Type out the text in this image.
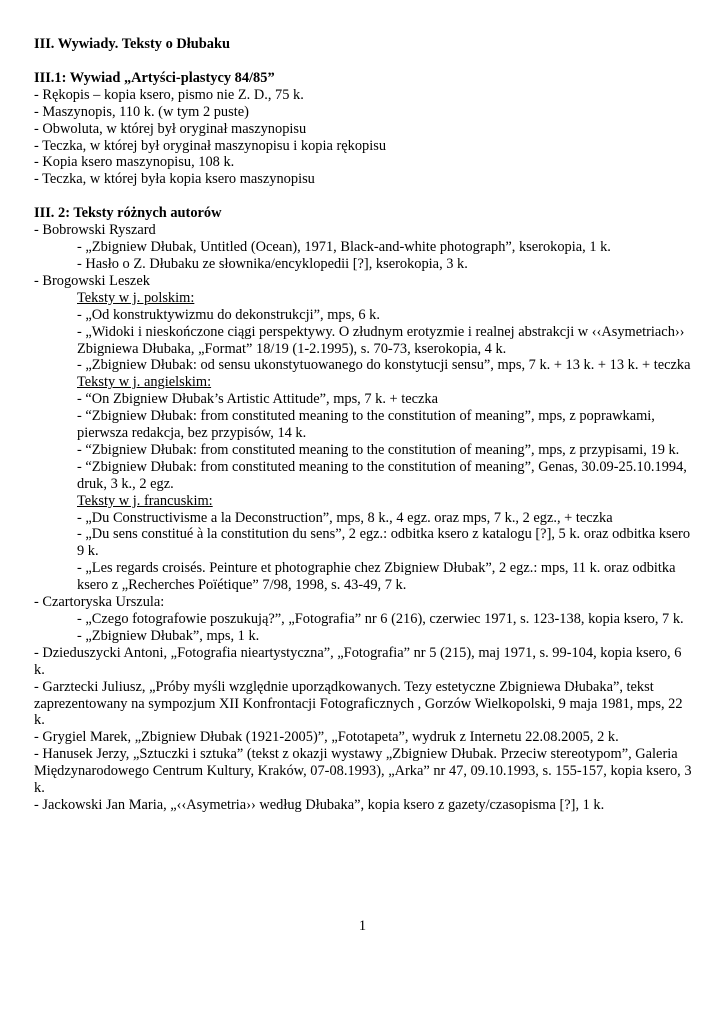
III. Wywiady. Teksty o Dłubaku
III.1: Wywiad „Artyści-plastycy 84/85”
- Rękopis – kopia ksero, pismo nie Z. D., 75 k.
- Maszynopis, 110 k. (w tym 2 puste)
- Obwoluta, w której był oryginał maszynopisu
- Teczka, w której był oryginał maszynopisu i kopia rękopisu
- Kopia ksero maszynopisu, 108 k.
- Teczka, w której była kopia ksero maszynopisu
III. 2: Teksty różnych autorów
- Bobrowski Ryszard
- „Zbigniew Dłubak, Untitled (Ocean), 1971, Black-and-white photograph”, kserokopia, 1 k.
- Hasło o Z. Dłubaku ze słownika/encyklopedii [?], kserokopia, 3 k.
- Brogowski Leszek
Teksty w j. polskim:
- „Od konstruktywizmu do dekonstrukcji”, mps, 6 k.
- „Widoki i nieskończone ciągi perspektywy. O złudnym erotyzmie i realnej abstrakcji w ‹‹Asymetriach›› Zbigniewa Dłubaka, „Format” 18/19 (1-2.1995), s. 70-73, kserokopia, 4 k.
- „Zbigniew Dłubak: od sensu ukonstytuowanego do konstytucji sensu”, mps, 7 k. + 13 k. + 13 k. + teczka
Teksty w j. angielskim:
- “On Zbigniew Dłubak’s Artistic Attitude”, mps, 7 k. + teczka
- “Zbigniew Dłubak: from constituted meaning to the constitution of meaning”, mps, z poprawkami, pierwsza redakcja, bez przypisów, 14 k.
- “Zbigniew Dłubak: from constituted meaning to the constitution of meaning”, mps, z przypisami, 19 k.
- “Zbigniew Dłubak: from constituted meaning to the constitution of meaning”, Genas, 30.09-25.10.1994, druk, 3 k., 2 egz.
Teksty w j. francuskim:
- „Du Constructivisme a la Deconstruction”, mps, 8 k., 4 egz. oraz mps, 7 k., 2 egz., + teczka
- „Du sens constitué à la constitution du sens”, 2 egz.: odbitka ksero z katalogu [?], 5 k. oraz odbitka ksero 9 k.
- „Les regards croisés. Peinture et photographie chez Zbigniew Dłubak”, 2 egz.: mps, 11 k. oraz odbitka ksero z „Recherches Poïétique” 7/98, 1998, s. 43-49, 7 k.
- Czartoryska Urszula:
- „Czego fotografowie poszukują?”, „Fotografia” nr 6 (216), czerwiec 1971, s. 123-138, kopia ksero, 7 k.
- „Zbigniew Dłubak”, mps, 1 k.
- Dzieduszycki Antoni, „Fotografia nieartystyczna”, „Fotografia” nr 5 (215), maj 1971, s. 99-104, kopia ksero, 6 k.
- Garztecki Juliusz, „Próby myśli względnie uporządkowanych. Tezy estetyczne Zbigniewa Dłubaka”, tekst zaprezentowany na sympozjum XII Konfrontacji Fotograficznych , Gorzów Wielkopolski, 9 maja 1981, mps, 22 k.
- Grygiel Marek, „Zbigniew Dłubak (1921-2005)”, „Fototapeta”, wydruk z Internetu 22.08.2005, 2 k.
- Hanusek Jerzy, „Sztuczki i sztuka” (tekst z okazji wystawy „Zbigniew Dłubak. Przeciw stereotypom”, Galeria Międzynarodowego Centrum Kultury, Kraków, 07-08.1993), „Arka” nr 47, 09.10.1993, s. 155-157, kopia ksero, 3 k.
- Jackowski Jan Maria, „‹‹Asymetria›› według Dłubaka”, kopia ksero z gazety/czasopisma [?], 1 k.
1
